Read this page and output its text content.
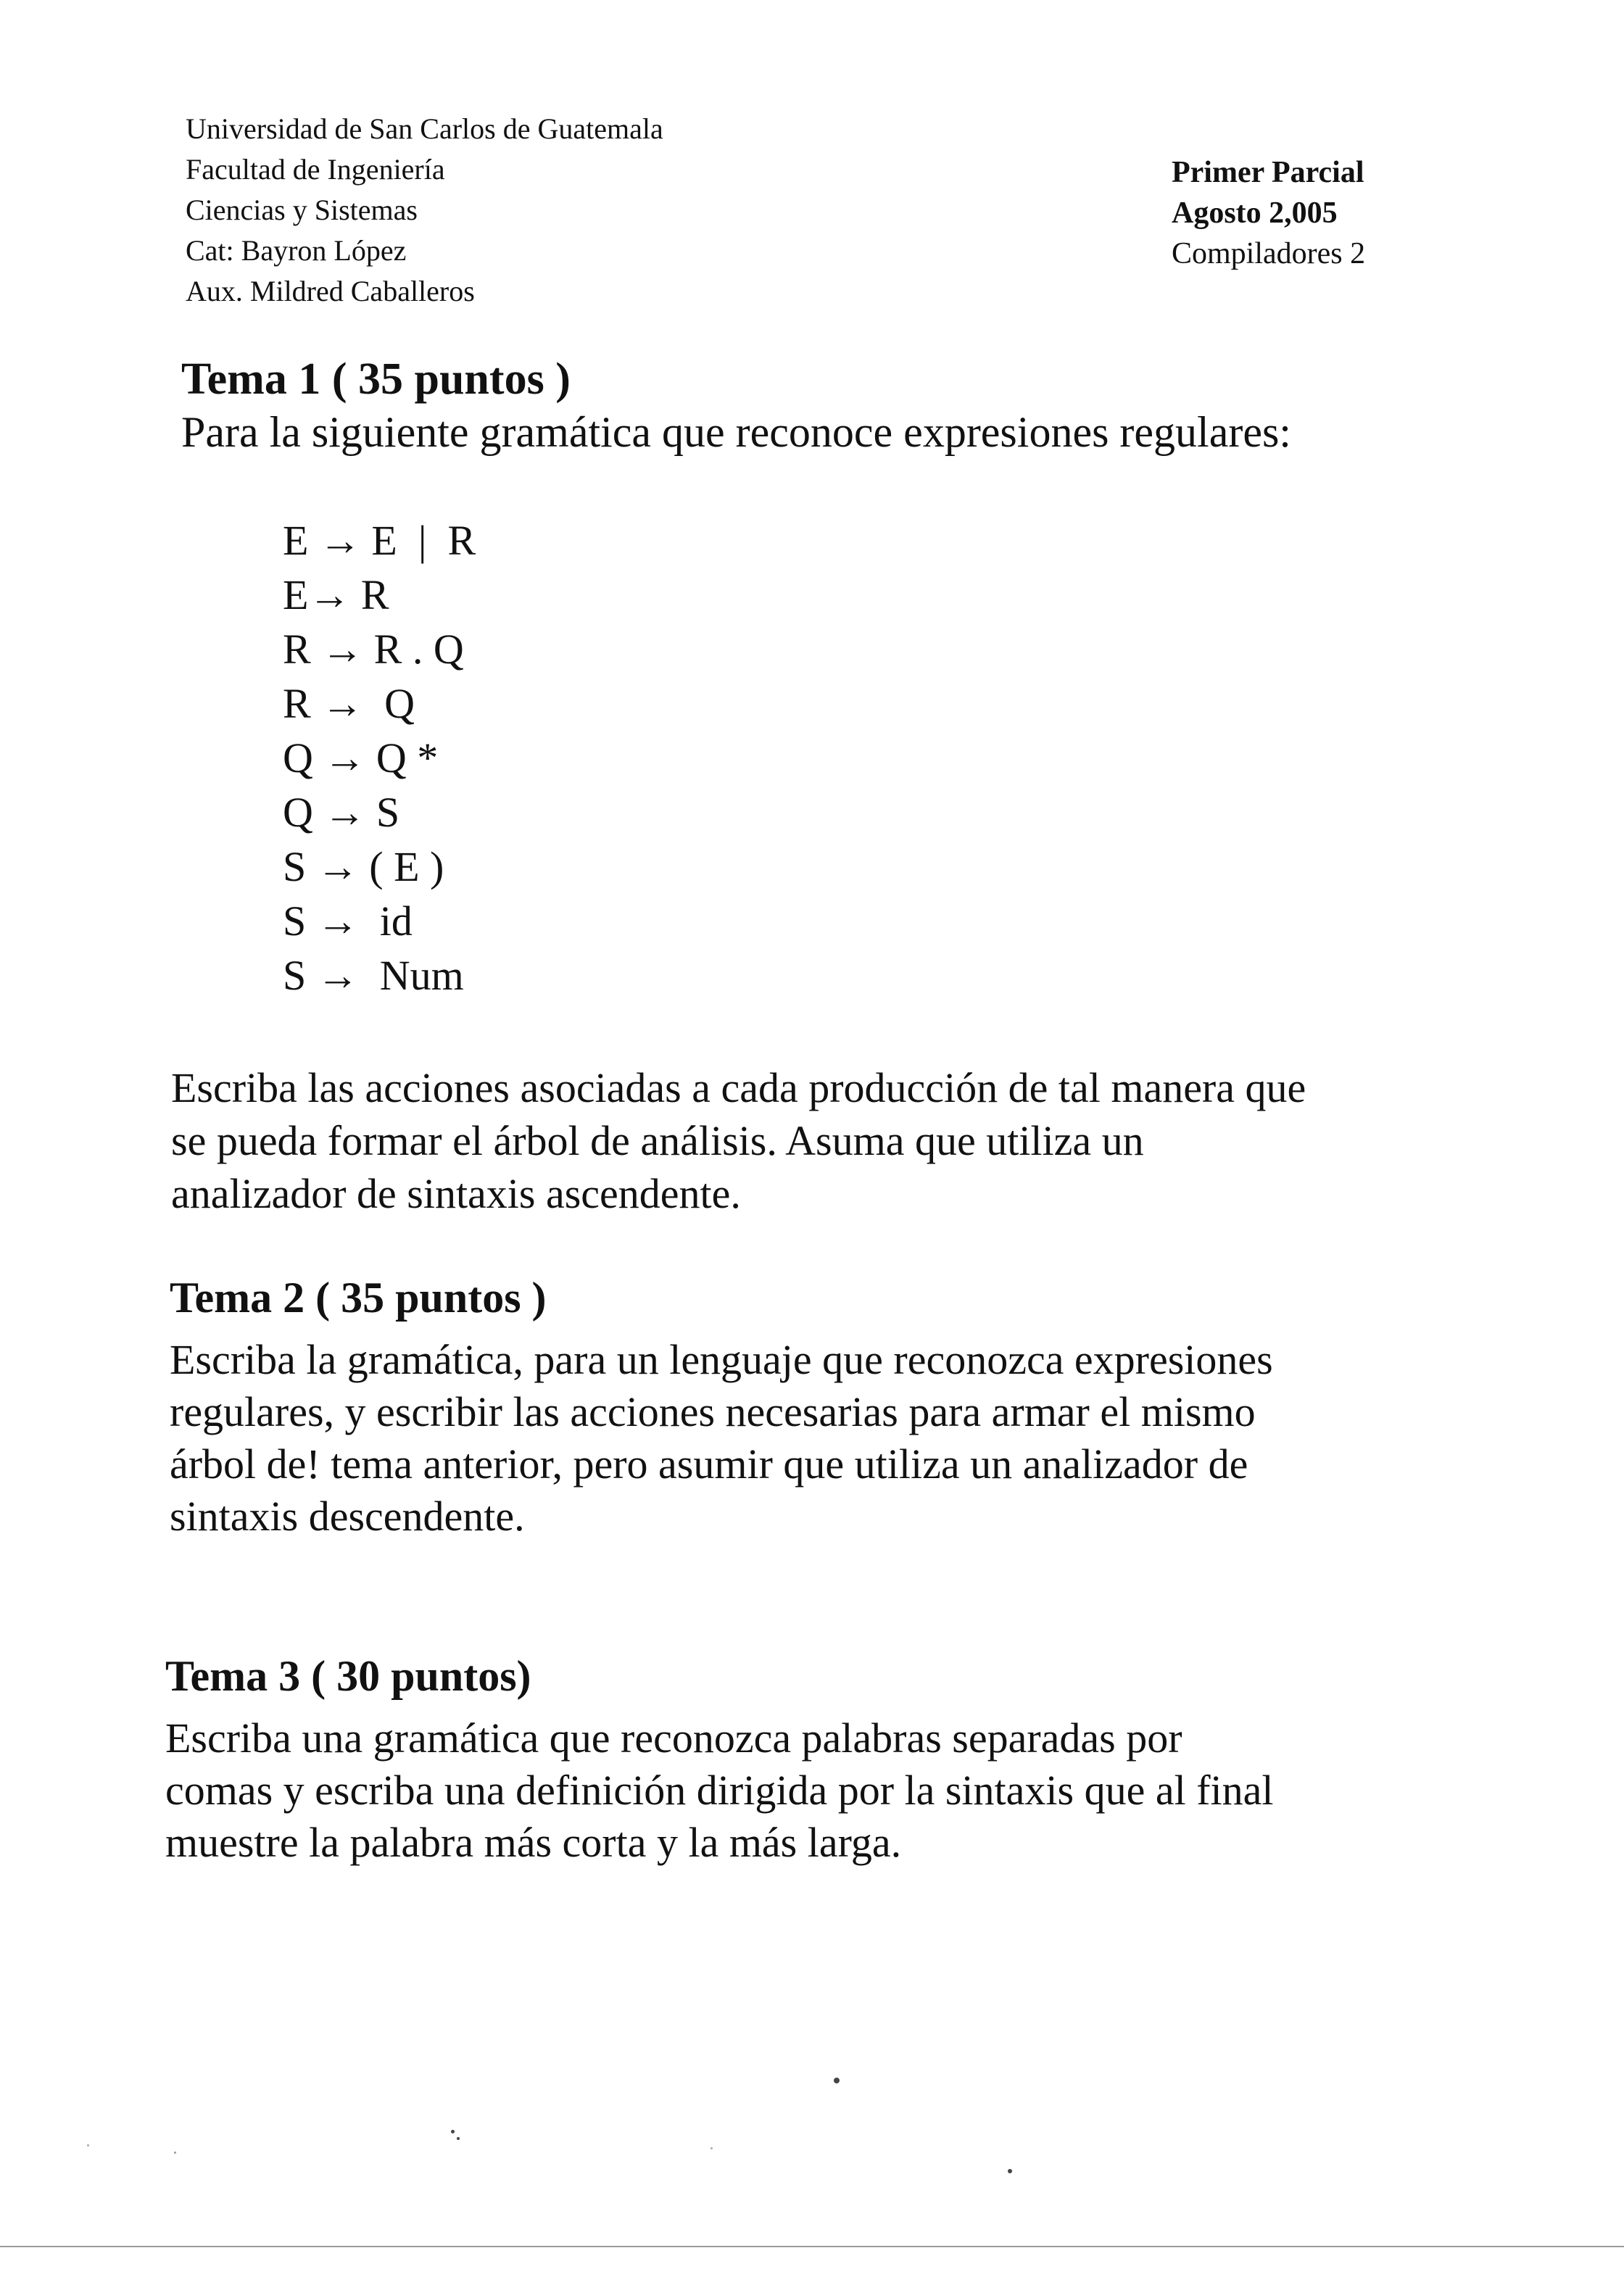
Universidad de San Carlos de Guatemala
Facultad de Ingeniería
Ciencias y Sistemas
Cat: Bayron López
Aux. Mildred Caballeros
Primer Parcial
Agosto 2,005
Compiladores 2
Tema 1 ( 35 puntos )
Para la siguiente gramática que reconoce expresiones regulares:
E → E  |  R
E→ R
R → R . Q
R →  Q
Q → Q *
Q → S
S → ( E )
S →  id
S →  Num
Escriba las acciones asociadas a cada producción de tal manera que
se pueda formar el árbol de análisis. Asuma que utiliza un
analizador de sintaxis ascendente.
Tema 2 ( 35 puntos )
Escriba la gramática, para un lenguaje que reconozca expresiones
regulares, y escribir las acciones necesarias para armar el mismo
árbol de! tema anterior, pero asumir que utiliza un analizador de
sintaxis descendente.
Tema 3 ( 30 puntos)
Escriba una gramática que reconozca palabras separadas por
comas y escriba una definición dirigida por la sintaxis que al final
muestre la palabra más corta y la más larga.
